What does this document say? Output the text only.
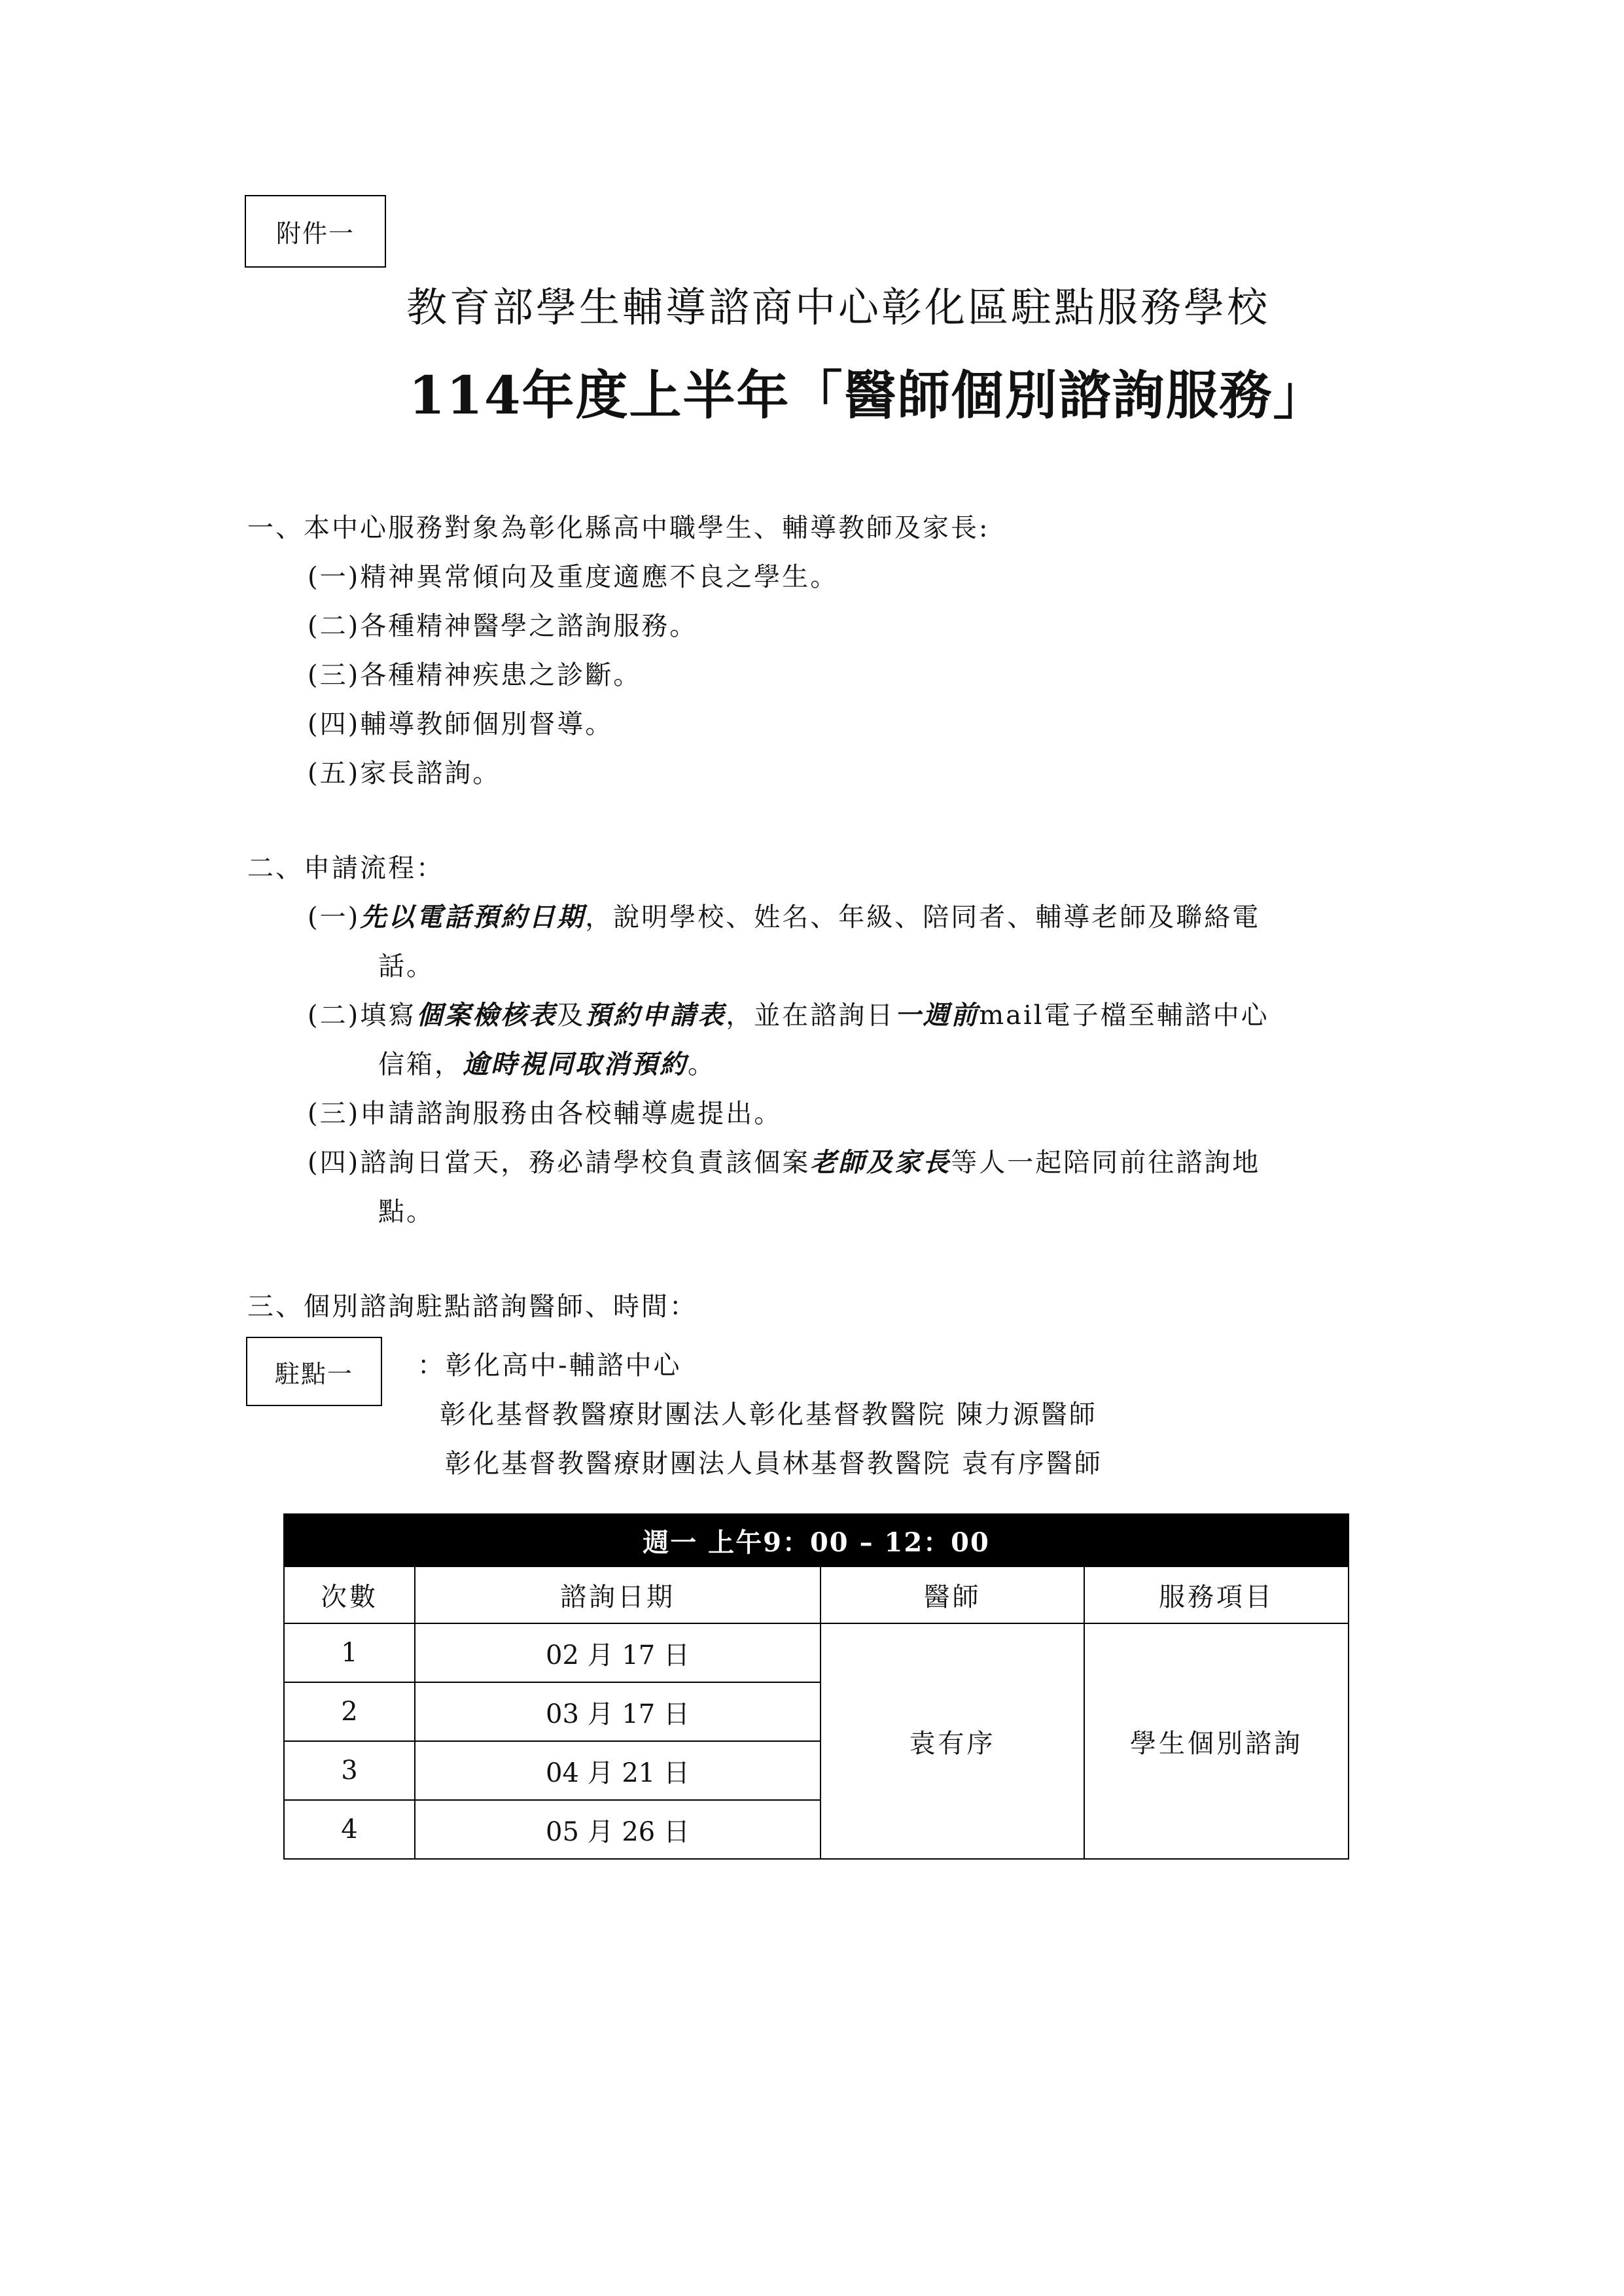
附件一
教育部學生輔導諮商中心彰化區駐點服務學校
114年度上半年「醫師個別諮詢服務」
一、本中心服務對象為彰化縣高中職學生、輔導教師及家長:
(一)精神異常傾向及重度適應不良之學生。
(二)各種精神醫學之諮詢服務。
(三)各種精神疾患之診斷。
(四)輔導教師個別督導。
(五)家長諮詢。
二、申請流程：
(一)先以電話預約日期，說明學校、姓名、年級、陪同者、輔導老師及聯絡電
話。
(二)填寫個案檢核表及預約申請表，並在諮詢日一週前mail電子檔至輔諮中心
信箱，逾時視同取消預約。
(三)申請諮詢服務由各校輔導處提出。
(四)諮詢日當天，務必請學校負責該個案老師及家長等人一起陪同前往諮詢地
點。
三、個別諮詢駐點諮詢醫師、時間：
駐點一	：彰化高中-輔諮中心
彰化基督教醫療財團法人彰化基督教醫院 陳力源醫師
彰化基督教醫療財團法人員林基督教醫院 袁有序醫師
週一 上午9：00 – 12：00			
次數	諮詢日期	醫師	服務項目
1	02 月 17 日	袁有序	學生個別諮詢
2	03 月 17 日		
3	04 月 21 日		
4	05 月 26 日		
